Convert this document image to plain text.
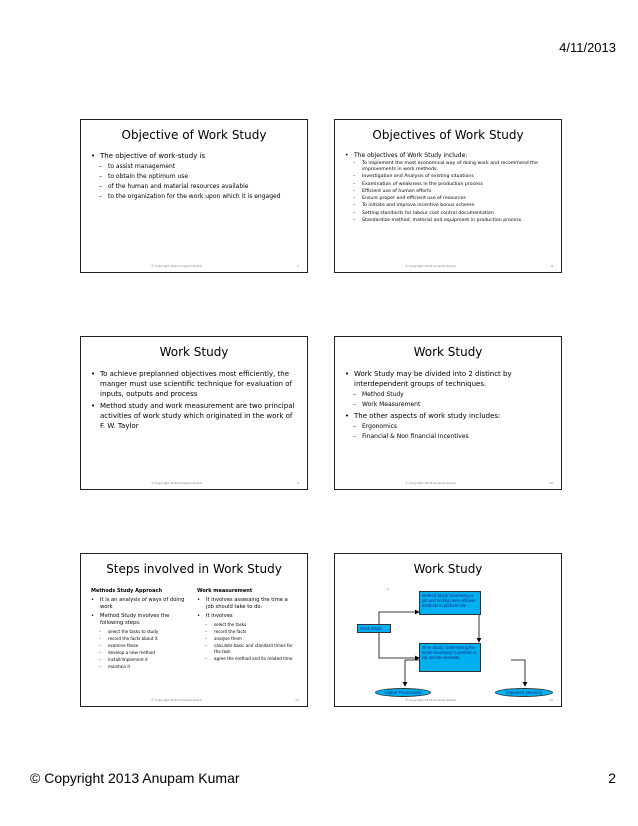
4/11/2013
Objective of Work Study
• The objective of work-study is
– to assist management
– to obtain the optimum use
– of the human and material resources available
– to the organization for the work upon which it is engaged
© Copyright 2013 Anupam Kumar	7
Objectives of Work Study
• The objectives of Work Study include:
– To implement the most economical way of doing work and recommend the improvements in work methods.
– Investigation and Analysis of existing situations
– Examination of weakness in the production process
– Efficient use of human efforts
– Ensure proper and efficient use of resources
– To initiate and improve incentive bonus scheme
– Setting standards for labour cost control documentation
– Standardize method, material and equipment in production process.
© Copyright 2013 Anupam Kumar	8
Work Study
• To achieve preplanned objectives most efficiently, the manger must use scientific technique for evaluation of inputs, outputs and process
• Method study and work measurement are two principal activities of work study which originated in the work of F. W. Taylor
© Copyright 2013 Anupam Kumar	9
Work Study
• Work Study may be divided into 2 distinct by interdependent groups of techniques.
– Method Study
– Work Measurement
• The other aspects of work study includes:
– Ergonomics
– Financial & Non financial Incentives
© Copyright 2013 Anupam Kumar	10
Steps involved in Work Study
Methods Study Approach
• It is an analysis of ways of doing work
• Method Study involves the following steps.
– select the tasks to study
– record the facts about it
– examine these
– develop a new method
– install/implement it
– maintain it
Work measurement
• It involves assessing the time a job should take to do.
• It involves
– select the tasks
– record the facts
– analyse them
– calculate basic and standard times for the task
– agree the method and its related time
© Copyright 2013 Anupam Kumar	11
Work Study
*
Work Study
Method Study: Examining a job and finding more efficient methods to perform him
Time Study: Determining the times necessary to perform a job and its elements.
Higher Productivity	Improved planning
© Copyright 2013 Anupam Kumar	12
© Copyright 2013 Anupam Kumar	2
